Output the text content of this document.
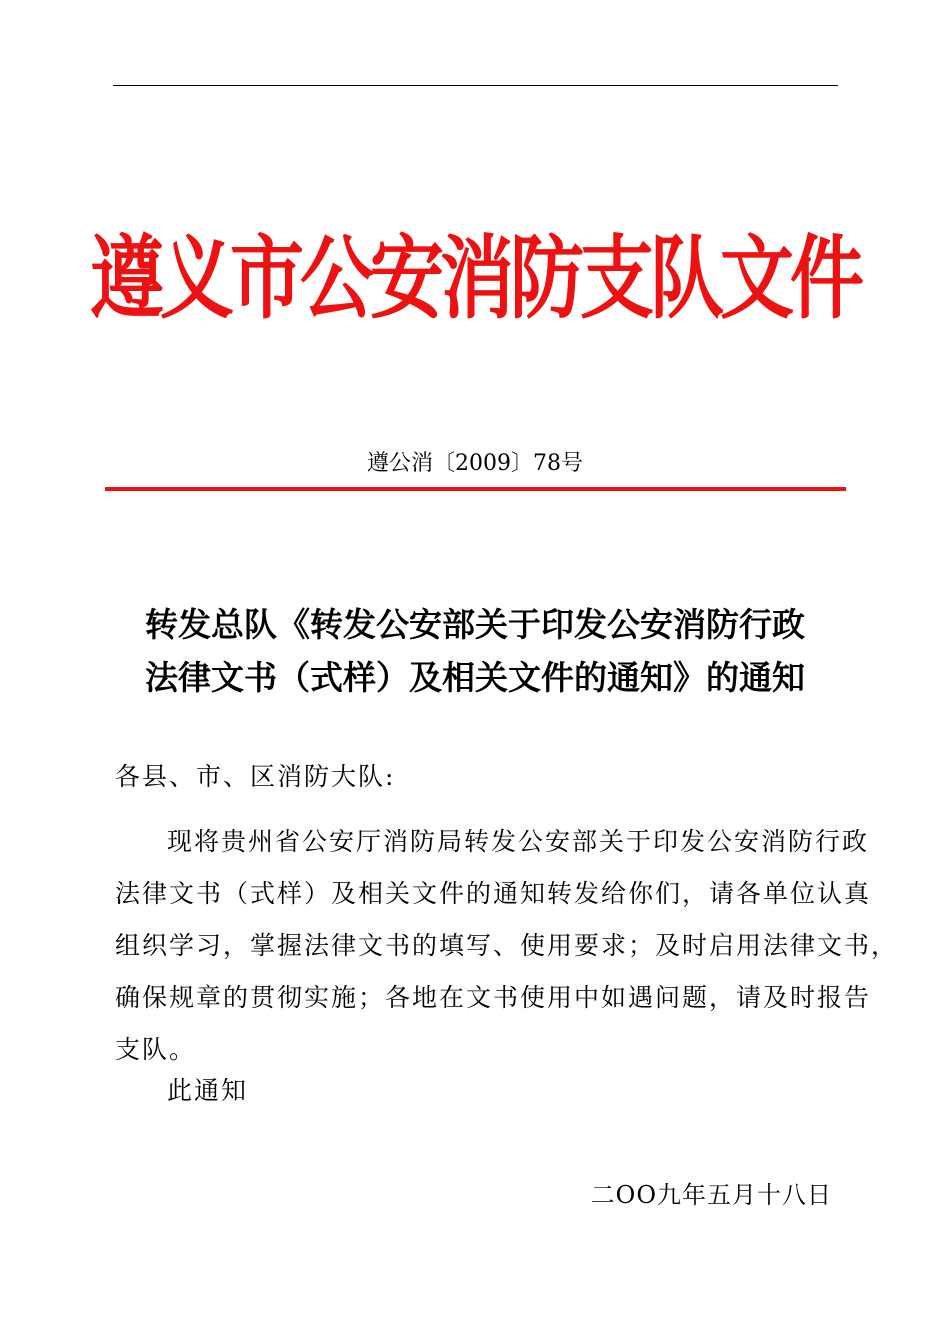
遵义市公安消防支队文件
遵公消〔2009〕78号
转发总队《转发公安部关于印发公安消防行政
法律文书（式样）及相关文件的通知》的通知
各县、市、区消防大队:
现将贵州省公安厅消防局转发公安部关于印发公安消防行政
法律文书（式样）及相关文件的通知转发给你们，请各单位认真
组织学习，掌握法律文书的填写、使用要求；及时启用法律文书，
确保规章的贯彻实施；各地在文书使用中如遇问题，请及时报告
支队。
此通知
二OO九年五月十八日
